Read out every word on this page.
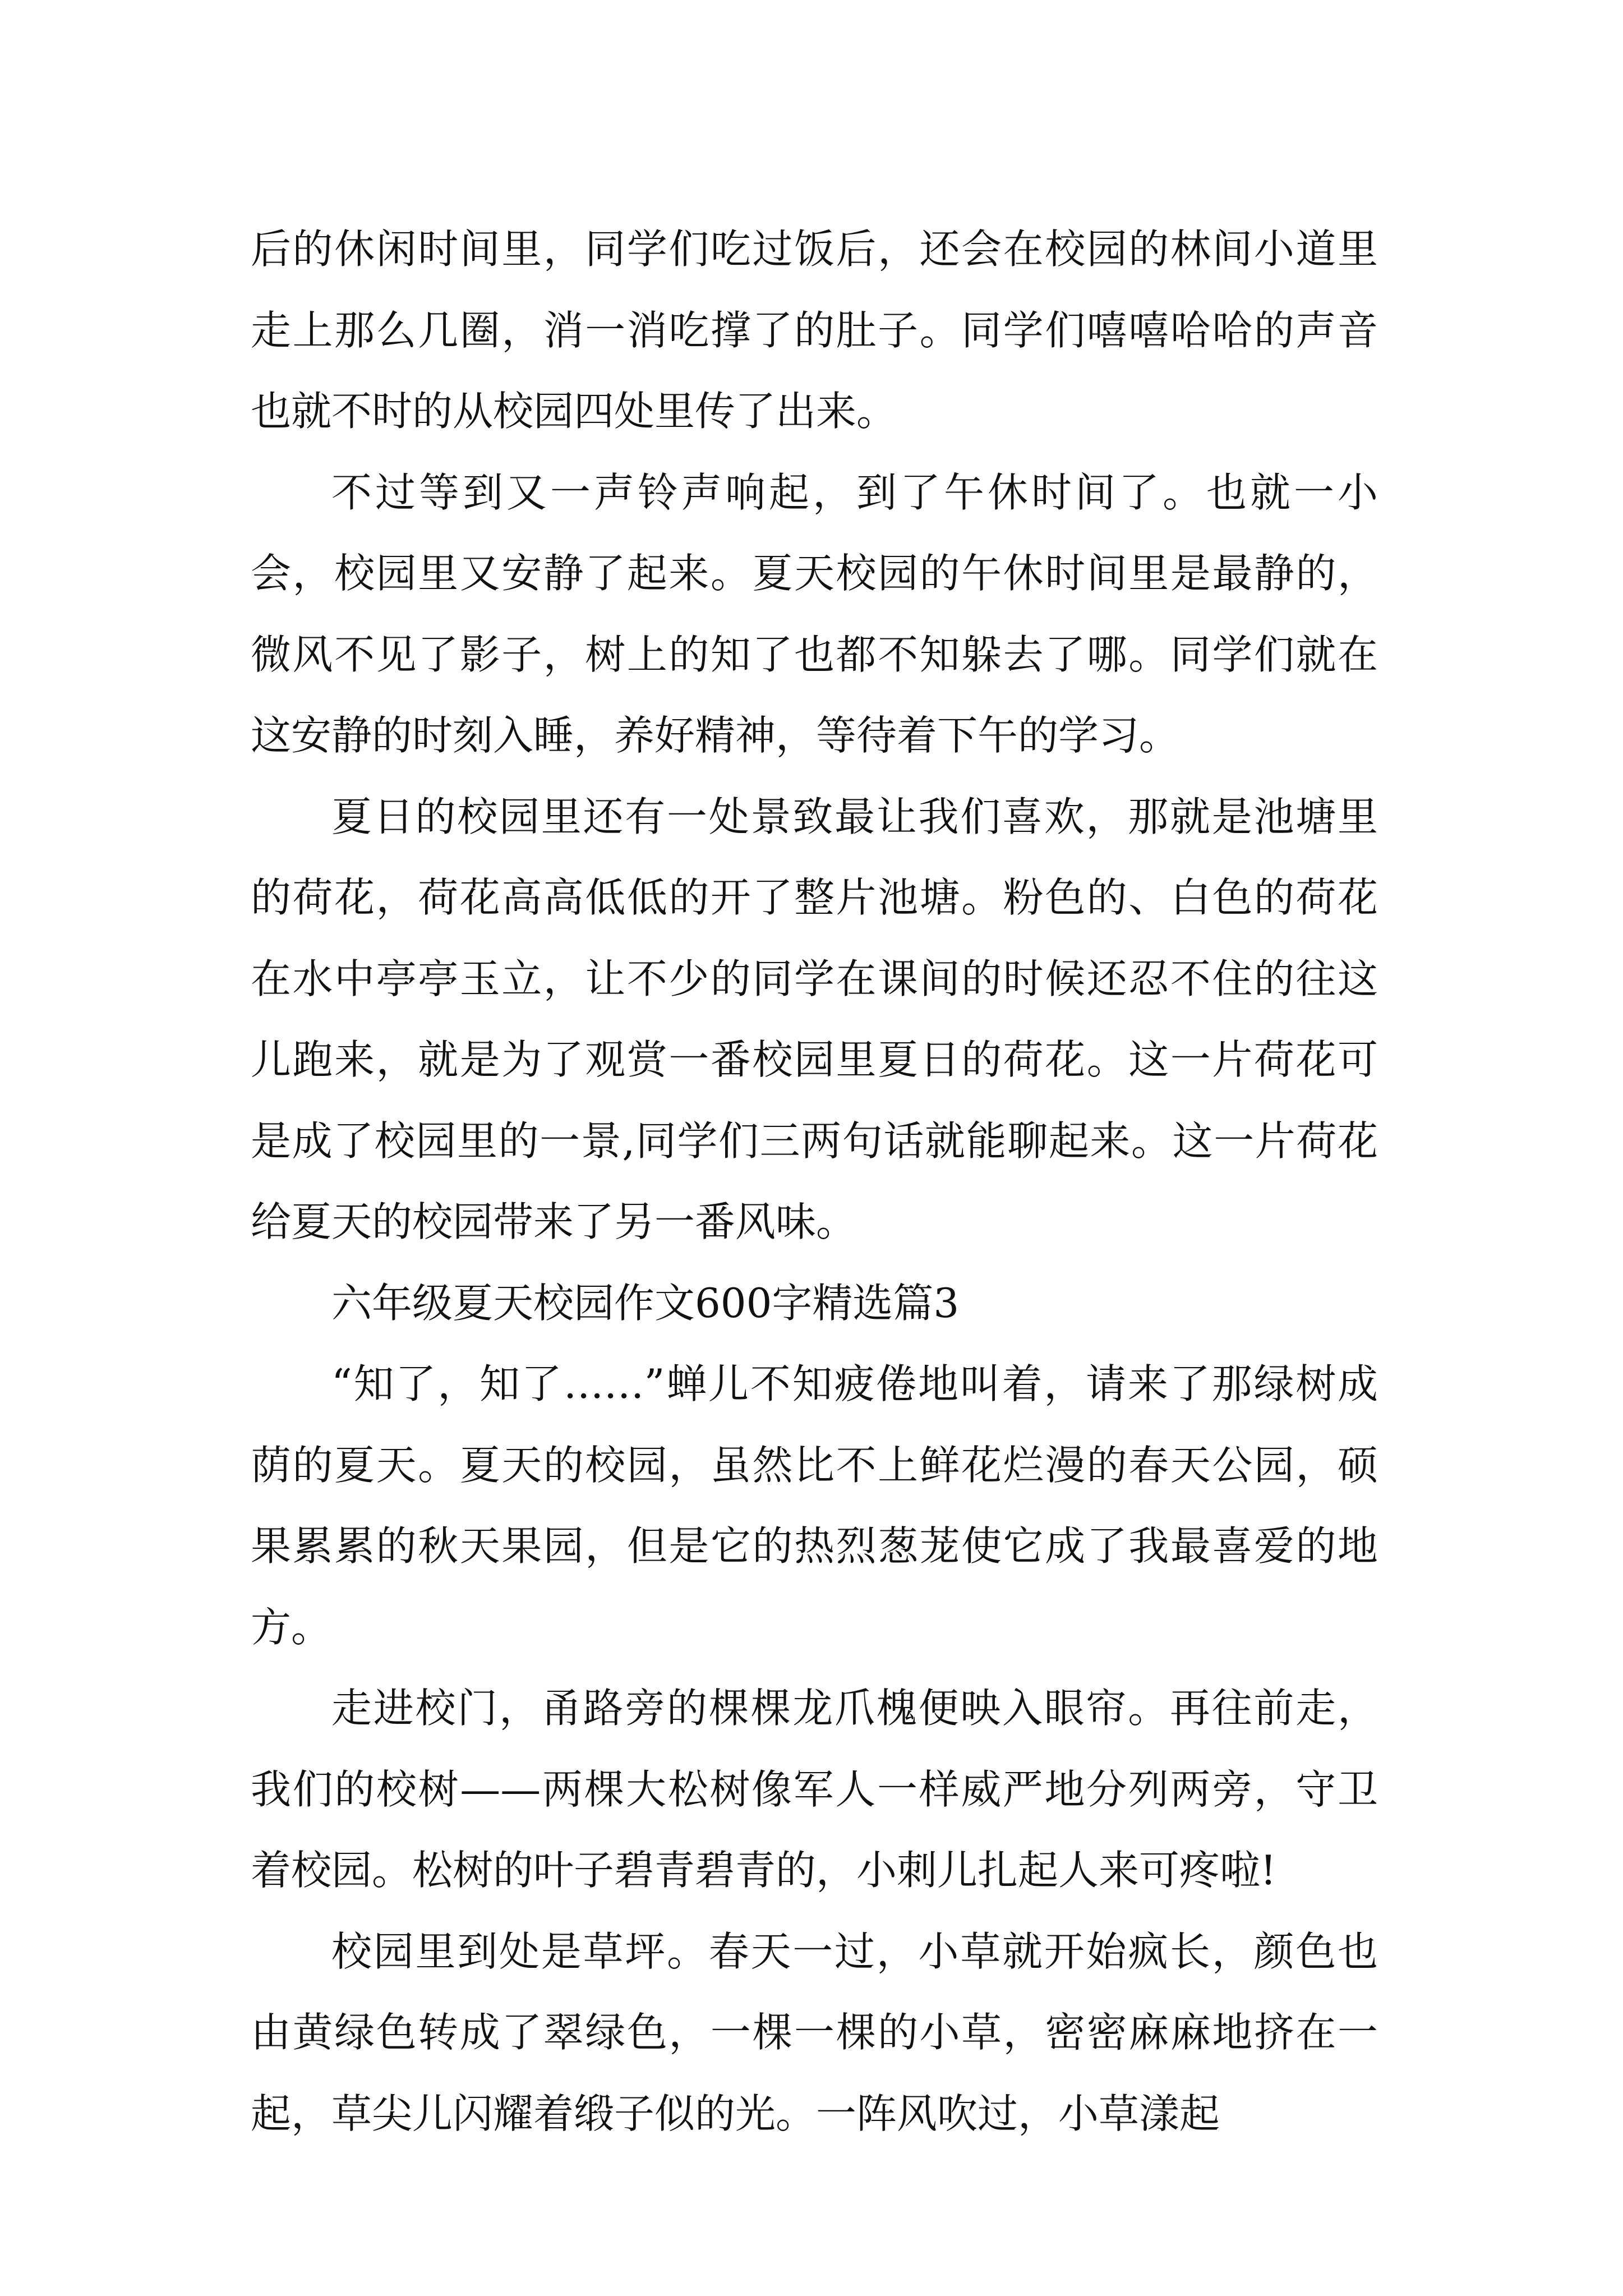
后的休闲时间里，同学们吃过饭后，还会在校园的林间小道里走上那么几圈，消一消吃撑了的肚子。同学们嘻嘻哈哈的声音也就不时的从校园四处里传了出来。

不过等到又一声铃声响起，到了午休时间了。也就一小会，校园里又安静了起来。夏天校园的午休时间里是最静的，微风不见了影子，树上的知了也都不知躲去了哪。同学们就在这安静的时刻入睡，养好精神，等待着下午的学习。

夏日的校园里还有一处景致最让我们喜欢，那就是池塘里的荷花，荷花高高低低的开了整片池塘。粉色的、白色的荷花在水中亭亭玉立，让不少的同学在课间的时候还忍不住的往这儿跑来，就是为了观赏一番校园里夏日的荷花。这一片荷花可是成了校园里的一景,同学们三两句话就能聊起来。这一片荷花给夏天的校园带来了另一番风味。

六年级夏天校园作文600字精选篇3

“知了，知了……”蝉儿不知疲倦地叫着，请来了那绿树成荫的夏天。夏天的校园，虽然比不上鲜花烂漫的春天公园，硕果累累的秋天果园，但是它的热烈葱茏使它成了我最喜爱的地方。

走进校门，甬路旁的棵棵龙爪槐便映入眼帘。再往前走，我们的校树——两棵大松树像军人一样威严地分列两旁，守卫着校园。松树的叶子碧青碧青的，小刺儿扎起人来可疼啦!

校园里到处是草坪。春天一过，小草就开始疯长，颜色也由黄绿色转成了翠绿色，一棵一棵的小草，密密麻麻地挤在一起，草尖儿闪耀着缎子似的光。一阵风吹过，小草漾起
